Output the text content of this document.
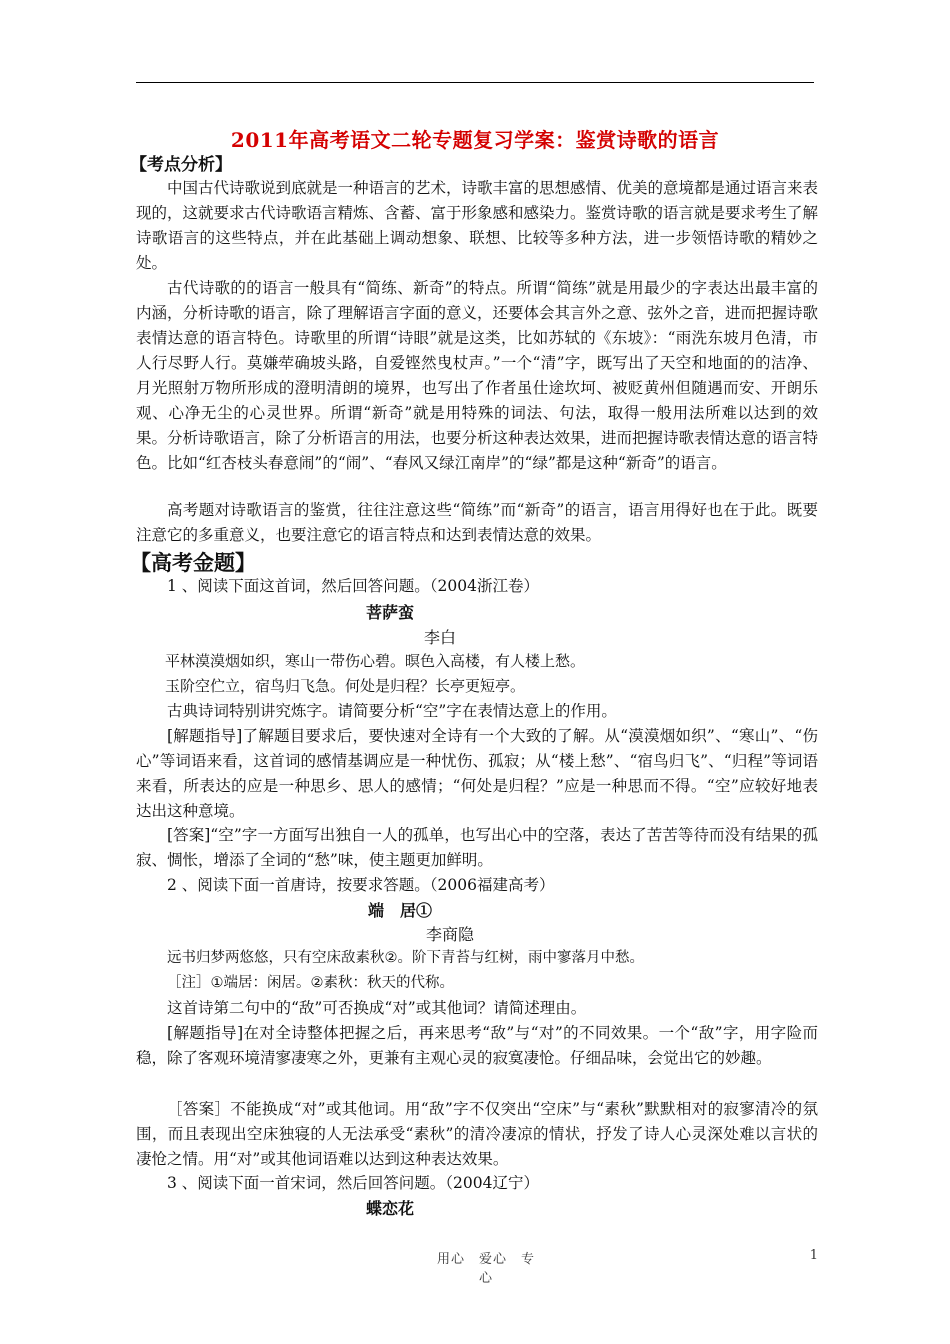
2011年高考语文二轮专题复习学案：鉴赏诗歌的语言
【考点分析】
中国古代诗歌说到底就是一种语言的艺术，诗歌丰富的思想感情、优美的意境都是通过语言来表现的，这就要求古代诗歌语言精炼、含蓄、富于形象感和感染力。鉴赏诗歌的语言就是要求考生了解诗歌语言的这些特点，并在此基础上调动想象、联想、比较等多种方法，进一步领悟诗歌的精妙之处。
古代诗歌的的语言一般具有“简练、新奇”的特点。所谓“简练”就是用最少的字表达出最丰富的内涵，分析诗歌的语言，除了理解语言字面的意义，还要体会其言外之意、弦外之音，进而把握诗歌表情达意的语言特色。诗歌里的所谓“诗眼”就是这类，比如苏轼的《东坡》：“雨洗东坡月色清，市人行尽野人行。莫嫌荦确坡头路，自爱铿然曳杖声。”一个“清”字，既写出了天空和地面的的洁净、月光照射万物所形成的澄明清朗的境界，也写出了作者虽仕途坎坷、被贬黄州但随遇而安、开朗乐观、心净无尘的心灵世界。所谓“新奇”就是用特殊的词法、句法，取得一般用法所难以达到的效果。分析诗歌语言，除了分析语言的用法，也要分析这种表达效果，进而把握诗歌表情达意的语言特色。比如“红杏枝头春意闹”的“闹”、“春风又绿江南岸”的“绿”都是这种“新奇”的语言。
高考题对诗歌语言的鉴赏，往往注意这些“简练”而“新奇”的语言，语言用得好也在于此。既要注意它的多重意义，也要注意它的语言特点和达到表情达意的效果。
【高考金题】
1 、阅读下面这首词，然后回答问题。（2004浙江卷）
菩萨蛮
李白
平林漠漠烟如织，寒山一带伤心碧。暝色入高楼，有人楼上愁。
玉阶空伫立，宿鸟归飞急。何处是归程？长亭更短亭。
古典诗词特别讲究炼字。请简要分析“空”字在表情达意上的作用。
[解题指导]了解题目要求后，要快速对全诗有一个大致的了解。从“漠漠烟如织”、“寒山”、“伤心”等词语来看，这首词的感情基调应是一种忧伤、孤寂；从“楼上愁”、“宿鸟归飞”、“归程”等词语来看，所表达的应是一种思乡、思人的感情；“何处是归程？”应是一种思而不得。“空”应较好地表达出这种意境。
[答案]“空”字一方面写出独自一人的孤单，也写出心中的空落，表达了苦苦等待而没有结果的孤寂、惆怅，增添了全词的“愁”味，使主题更加鲜明。
2 、阅读下面一首唐诗，按要求答题。（2006福建高考）
端　居①
李商隐
远书归梦两悠悠，只有空床敌素秋②。阶下青苔与红树，雨中寥落月中愁。
［注］①端居：闲居。②素秋：秋天的代称。
这首诗第二句中的“敌”可否换成“对”或其他词？请简述理由。
[解题指导]在对全诗整体把握之后，再来思考“敌”与“对”的不同效果。一个“敌”字，用字险而稳，除了客观环境清寥凄寒之外，更兼有主观心灵的寂寞凄怆。仔细品味，会觉出它的妙趣。
［答案］不能换成“对”或其他词。用“敌”字不仅突出“空床”与“素秋”默默相对的寂寥清冷的氛围，而且表现出空床独寝的人无法承受“素秋”的清冷凄凉的情状，抒发了诗人心灵深处难以言状的凄怆之情。用“对”或其他词语难以达到这种表达效果。
3 、阅读下面一首宋词，然后回答问题。（2004辽宁）
蝶恋花
用心　爱心　专心
1
